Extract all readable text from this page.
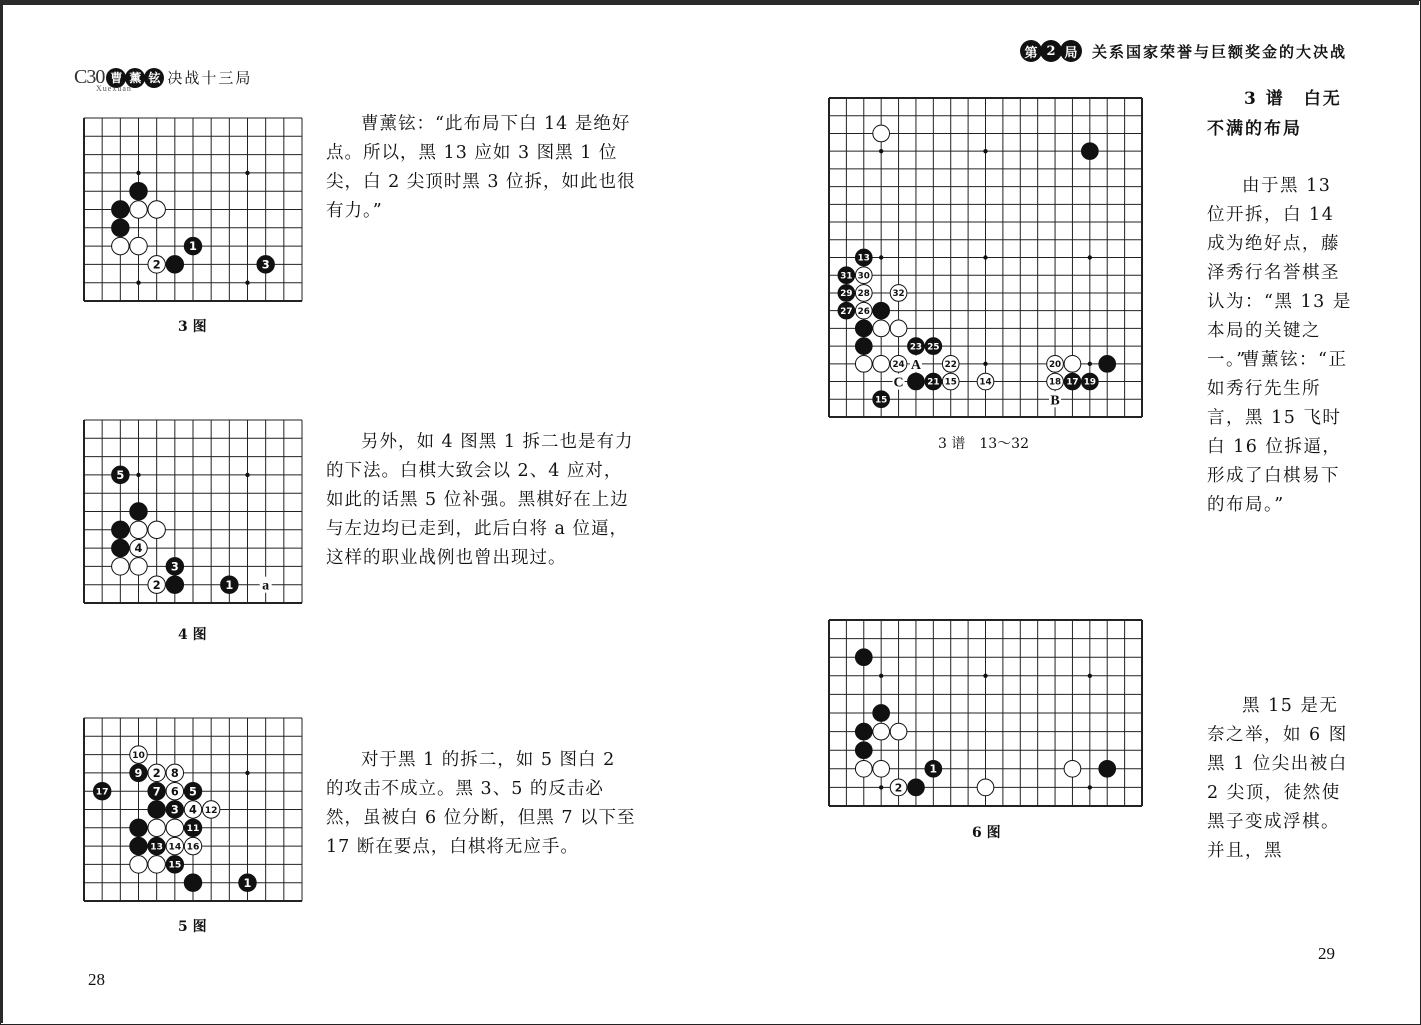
C30 曹 薰 铉 决战十三局
Xuexuan
第 2 局 关系国家荣誉与巨额奖金的大决战
1
2	3
3 图
5
4
3
2	1 a
4 图
10
9 2 8
17	7 6 5
3 4 12
11
13 14 16
15
1
5 图
13
31 30
29 28	32
27 26
23 25
24	22	20
21 15	14	18 17 19
15
A
C
B
3 谱　13～32
1
2
6 图

曹薰铉：“此布局下白 14 是绝好点。所以，黑 13 应如 3 图黑 1 位尖，白 2 尖顶时黑 3 位拆，如此也很有力。”

另外，如 4 图黑 1 拆二也是有力的下法。白棋大致会以 2、4 应对，如此的话黑 5 位补强。黑棋好在上边与左边均已走到，此后白将 a 位逼，这样的职业战例也曾出现过。

对于黑 1 的拆二，如 5 图白 2 的攻击不成立。黑 3、5 的反击必然，虽被白 6 位分断，但黑 7 以下至 17 断在要点，白棋将无应手。

3 谱　白无
不满的布局

由于黑 13 位开拆，白 14 成为绝好点，藤泽秀行名誉棋圣认为：“黑 13 是本局的关键之一。”

曹薰铉：“正如秀行先生所言，黑 15 飞时白 16 位拆逼，形成了白棋易下的布局。”

黑 15 是无奈之举，如 6 图黑 1 位尖出被白 2 尖顶，徒然使黑子变成浮棋。并且，黑

28
29
